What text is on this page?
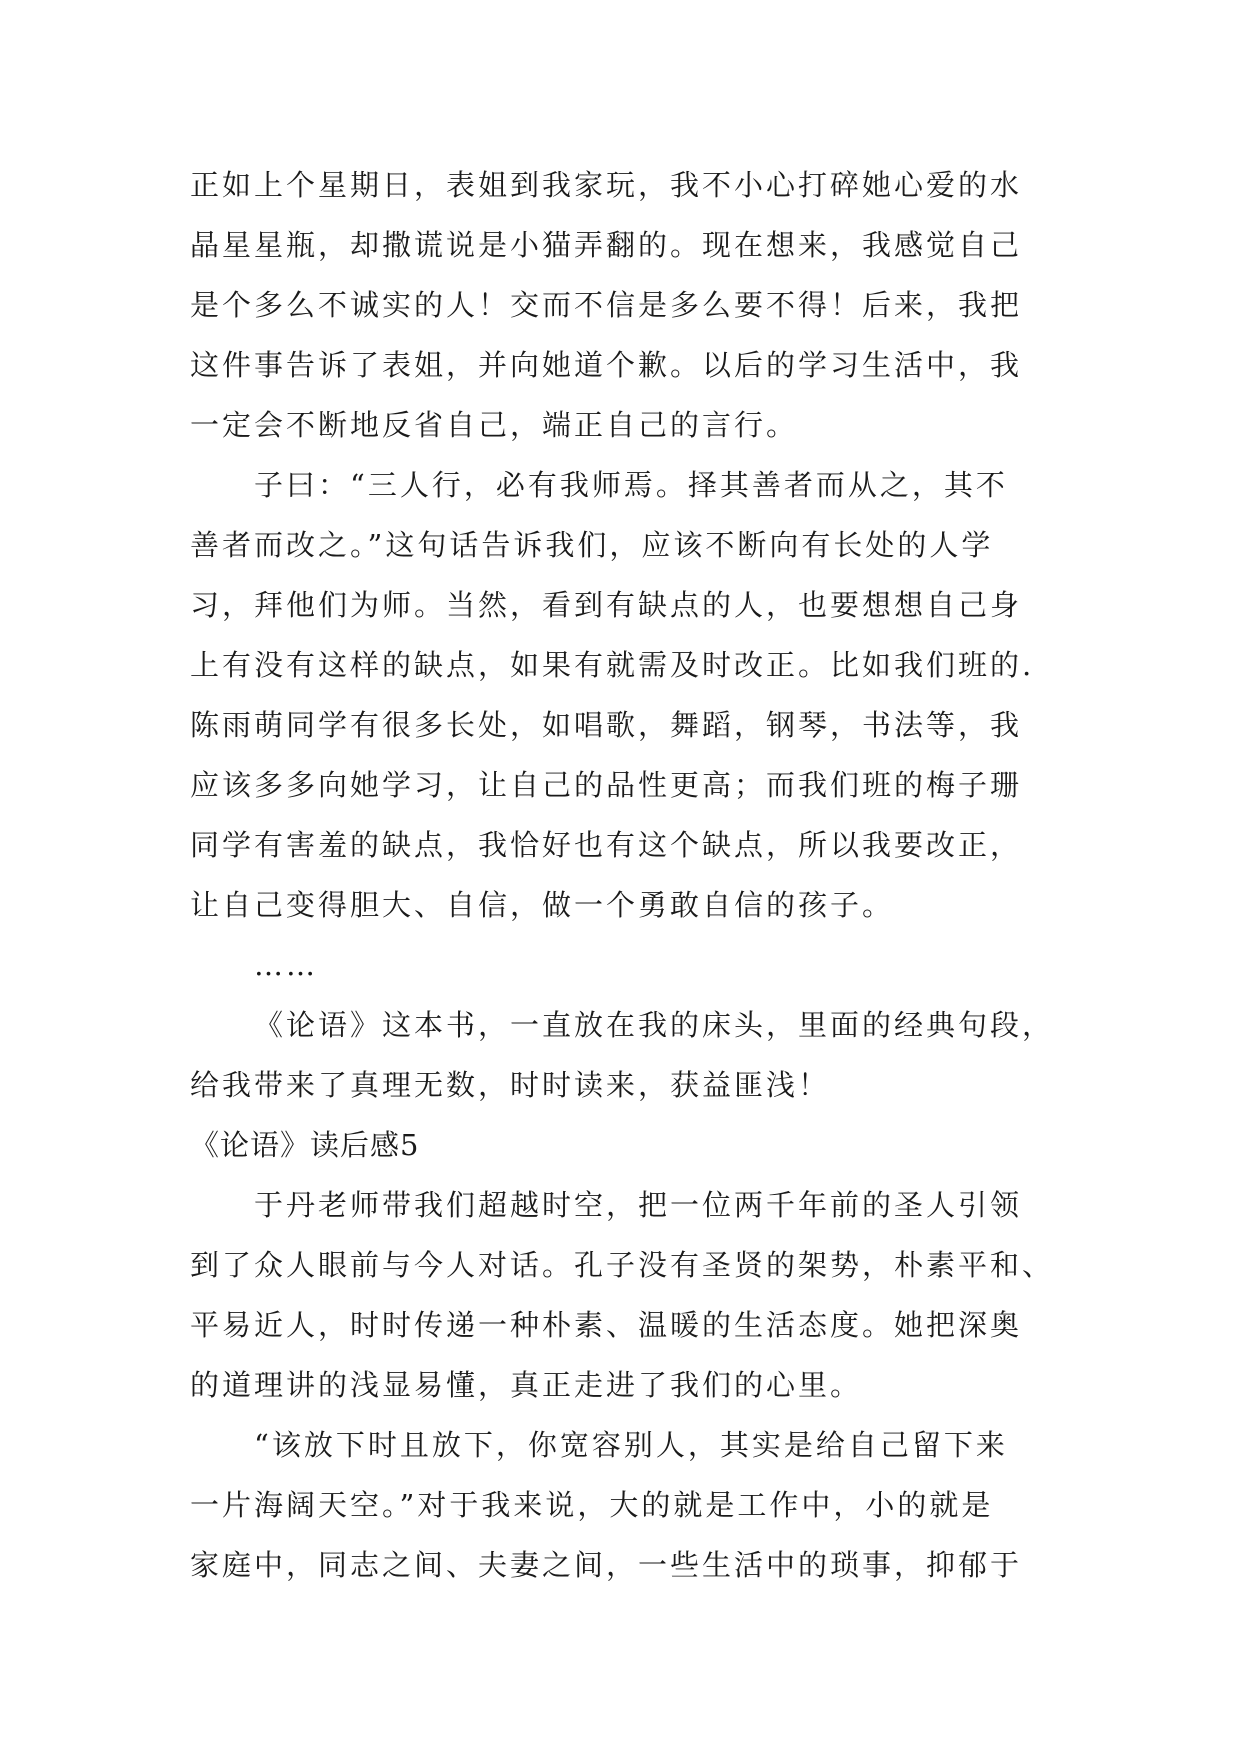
正如上个星期日，表姐到我家玩，我不小心打碎她心爱的水
晶星星瓶，却撒谎说是小猫弄翻的。现在想来，我感觉自己
是个多么不诚实的人！交而不信是多么要不得！后来，我把
这件事告诉了表姐，并向她道个歉。以后的学习生活中，我
一定会不断地反省自己，端正自己的言行。
子曰：“三人行，必有我师焉。择其善者而从之，其不
善者而改之。”这句话告诉我们，应该不断向有长处的人学
习，拜他们为师。当然，看到有缺点的人，也要想想自己身
上有没有这样的缺点，如果有就需及时改正。比如我们班的.
陈雨萌同学有很多长处，如唱歌，舞蹈，钢琴，书法等，我
应该多多向她学习，让自己的品性更高；而我们班的梅子珊
同学有害羞的缺点，我恰好也有这个缺点，所以我要改正，
让自己变得胆大、自信，做一个勇敢自信的孩子。
……
《论语》这本书，一直放在我的床头，里面的经典句段，
给我带来了真理无数，时时读来，获益匪浅！
《论语》读后感5
于丹老师带我们超越时空，把一位两千年前的圣人引领
到了众人眼前与今人对话。孔子没有圣贤的架势，朴素平和、
平易近人，时时传递一种朴素、温暖的生活态度。她把深奥
的道理讲的浅显易懂，真正走进了我们的心里。
“该放下时且放下，你宽容别人，其实是给自己留下来
一片海阔天空。”对于我来说，大的就是工作中，小的就是
家庭中，同志之间、夫妻之间，一些生活中的琐事，抑郁于
